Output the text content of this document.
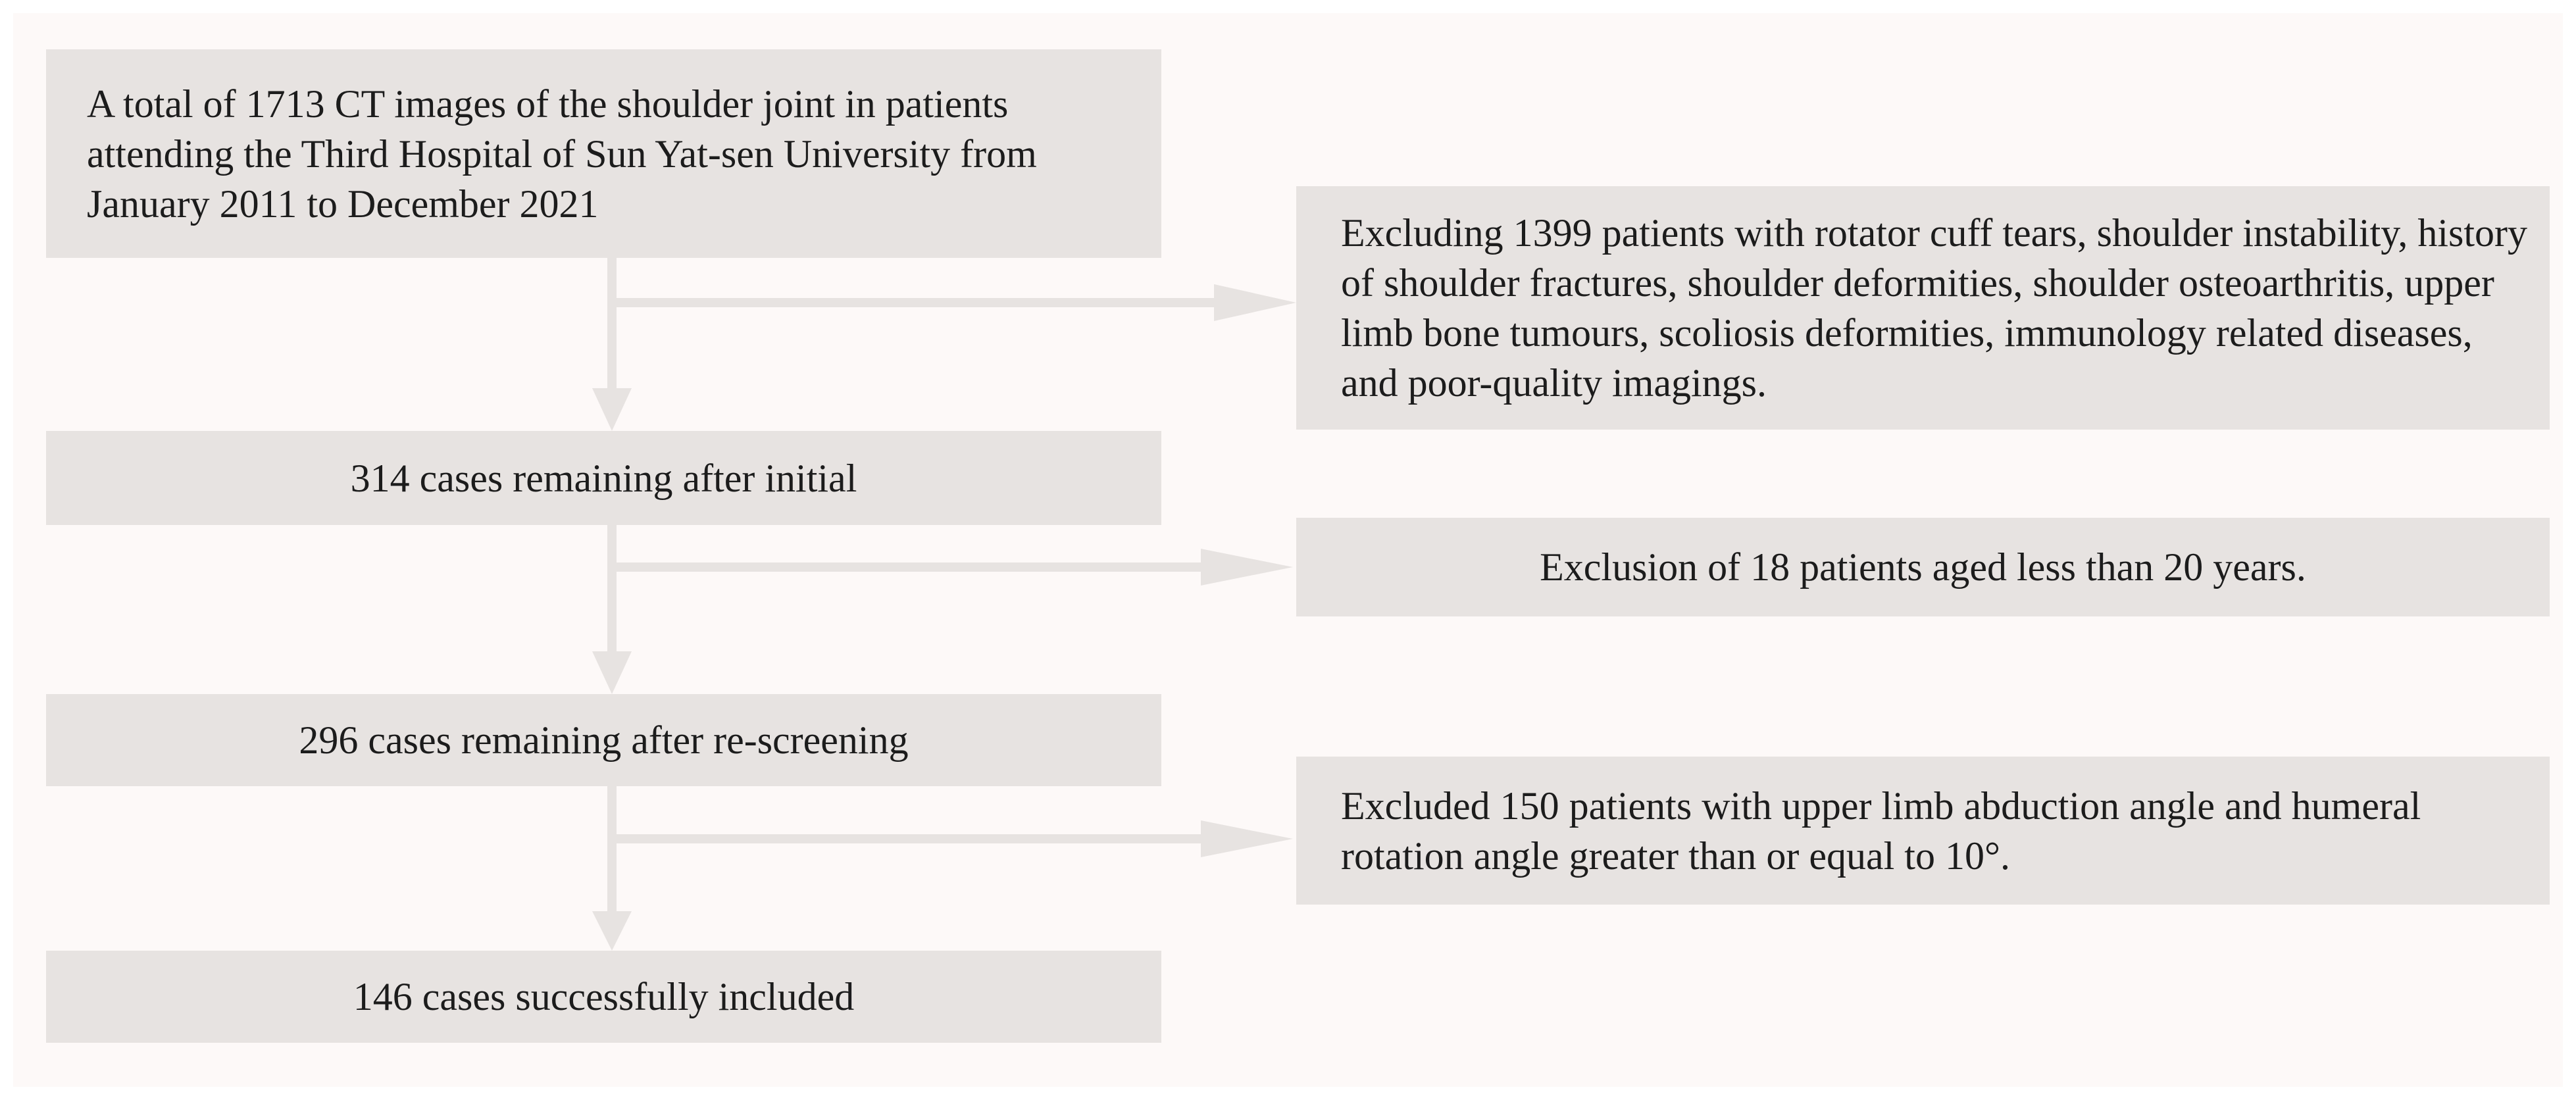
A total of 1713 CT images of the shoulder joint in patients attending the Third Hospital of Sun Yat-sen University from January 2011 to December 2021
Excluding 1399 patients with rotator cuff tears, shoulder instability, history of shoulder fractures, shoulder deformities, shoulder osteoarthritis, upper limb bone tumours, scoliosis deformities, immunology related diseases, and poor-quality imagings.
314 cases remaining after initial
Exclusion of 18 patients aged less than 20 years.
296 cases remaining after re-screening
Excluded 150 patients with upper limb abduction angle and humeral rotation angle greater than or equal to 10°.
146 cases successfully included
